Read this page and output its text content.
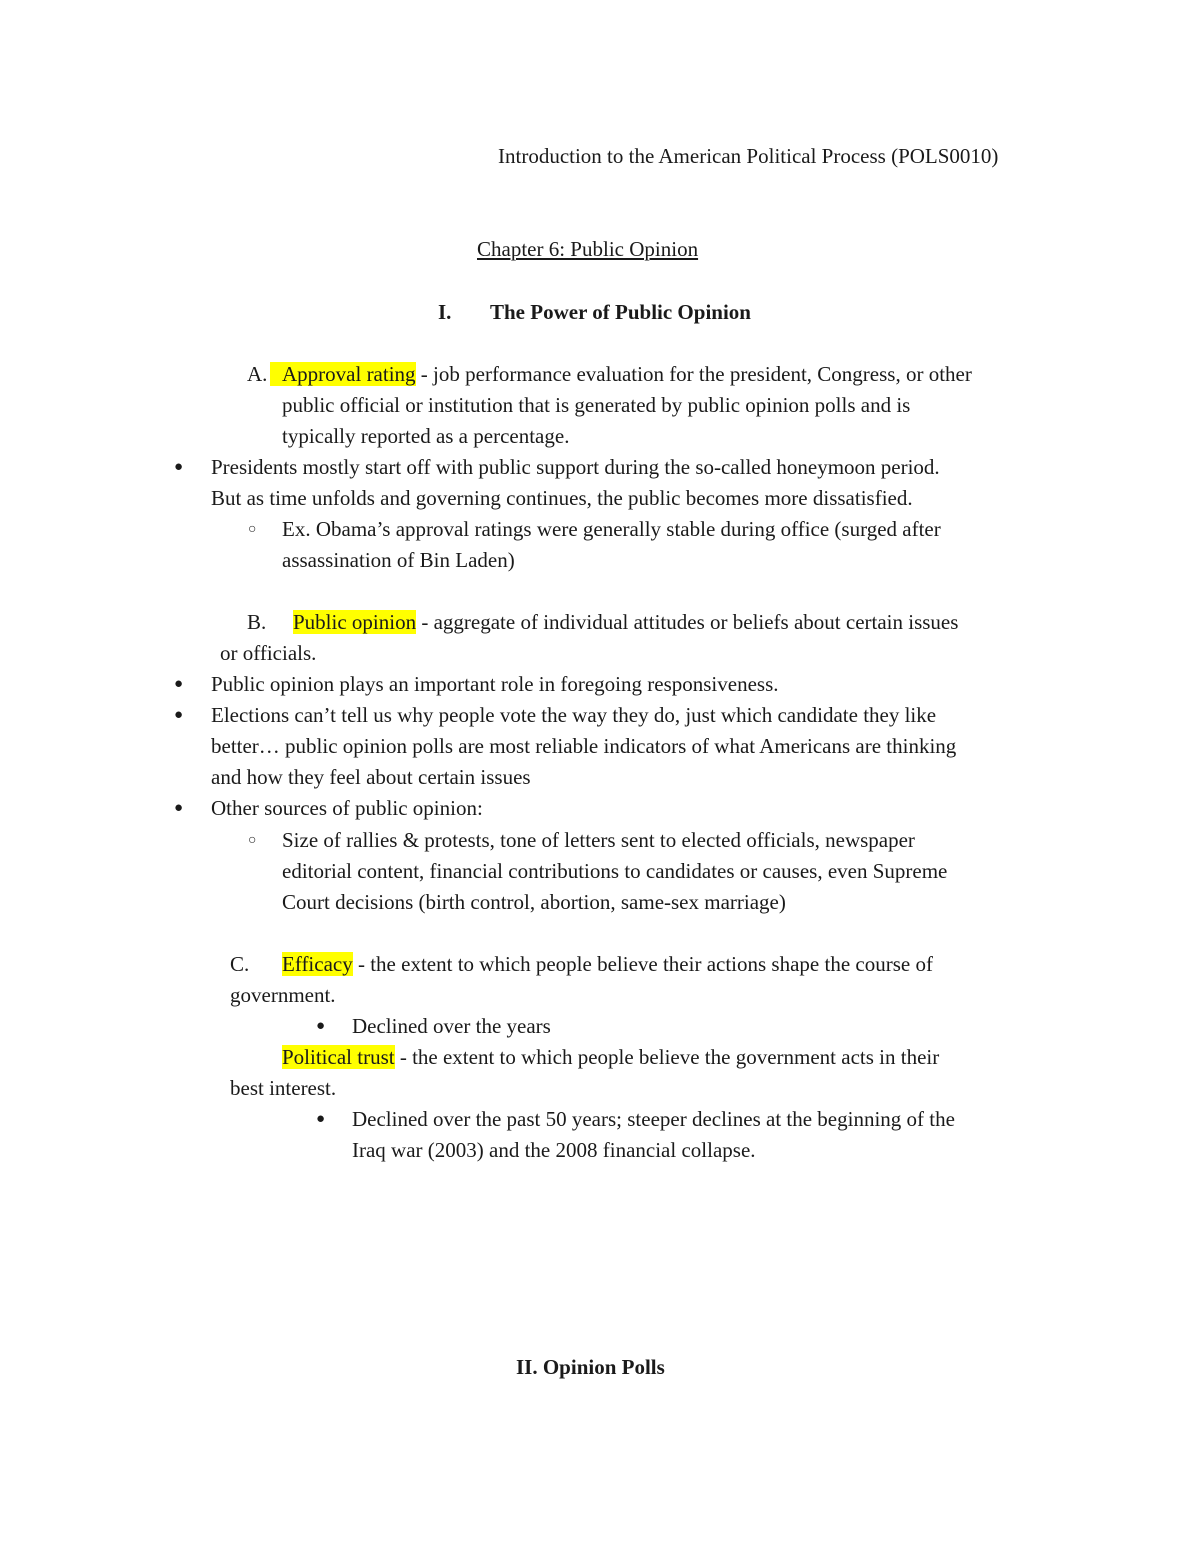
Introduction to the American Political Process (POLS0010)
Chapter 6: Public Opinion
I. The Power of Public Opinion
A. Approval rating - job performance evaluation for the president, Congress, or other
public official or institution that is generated by public opinion polls and is
typically reported as a percentage.
● Presidents mostly start off with public support during the so-called honeymoon period.
But as time unfolds and governing continues, the public becomes more dissatisfied.
○ Ex. Obama’s approval ratings were generally stable during office (surged after
assassination of Bin Laden)
B. Public opinion - aggregate of individual attitudes or beliefs about certain issues
or officials.
● Public opinion plays an important role in foregoing responsiveness.
● Elections can’t tell us why people vote the way they do, just which candidate they like
better… public opinion polls are most reliable indicators of what Americans are thinking
and how they feel about certain issues
● Other sources of public opinion:
○ Size of rallies & protests, tone of letters sent to elected officials, newspaper
editorial content, financial contributions to candidates or causes, even Supreme
Court decisions (birth control, abortion, same-sex marriage)
C. Efficacy - the extent to which people believe their actions shape the course of
government.
● Declined over the years
Political trust - the extent to which people believe the government acts in their
best interest.
● Declined over the past 50 years; steeper declines at the beginning of the
Iraq war (2003) and the 2008 financial collapse.
II. Opinion Polls
